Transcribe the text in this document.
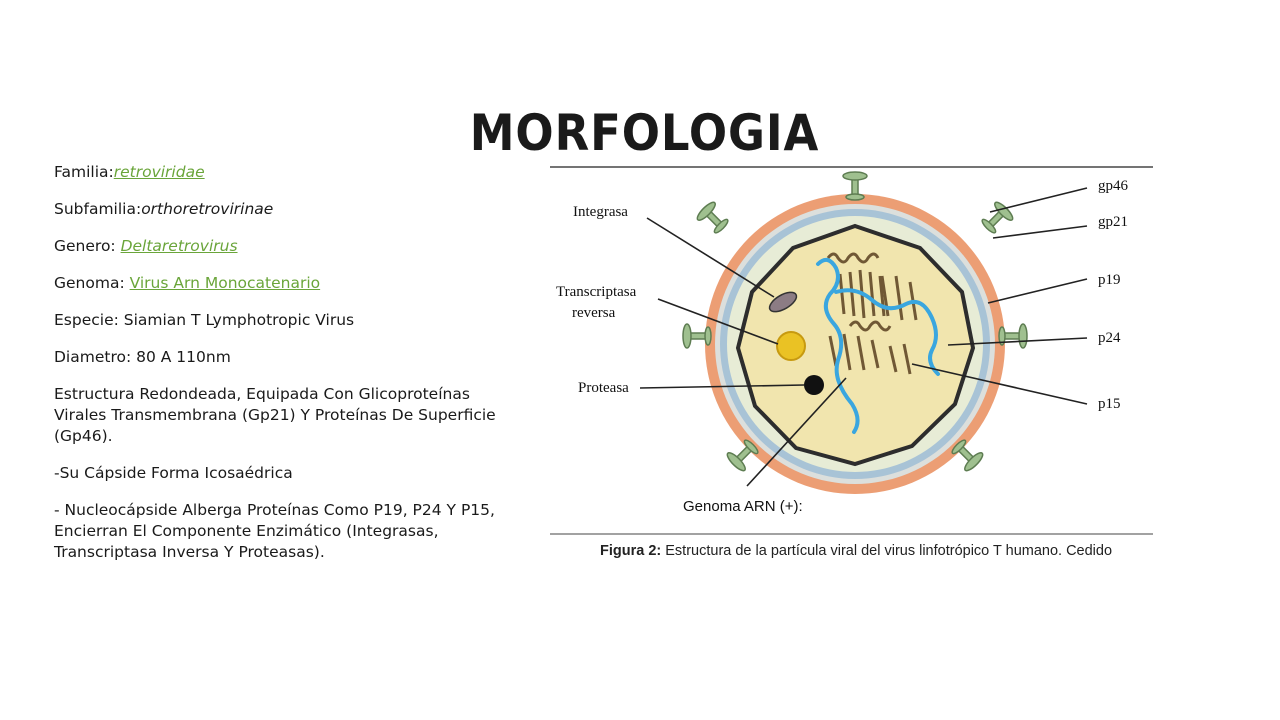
MORFOLOGIA

Familia:retroviridae

Subfamilia:orthoretrovirinae

Genero: Deltaretrovirus

Genoma: Virus Arn Monocatenario

Especie: Siamian T Lymphotropic Virus

Diametro: 80 A 110nm

Estructura Redondeada, Equipada Con Glicoproteínas Virales Transmembrana (Gp21) Y Proteínas De Superficie (Gp46).

-Su Cápside Forma Icosaédrica

- Nucleocápside Alberga Proteínas Como P19, P24 Y P15, Encierran El Componente Enzimático (Integrasas, Transcriptasa Inversa Y Proteasas).

Integrasa
Transcriptasa
reversa
Proteasa
gp46
gp21
p19
p24
p15
Genoma ARN (+):
Figura 2: Estructura de la partícula viral del virus linfotrópico T humano. Cedido
